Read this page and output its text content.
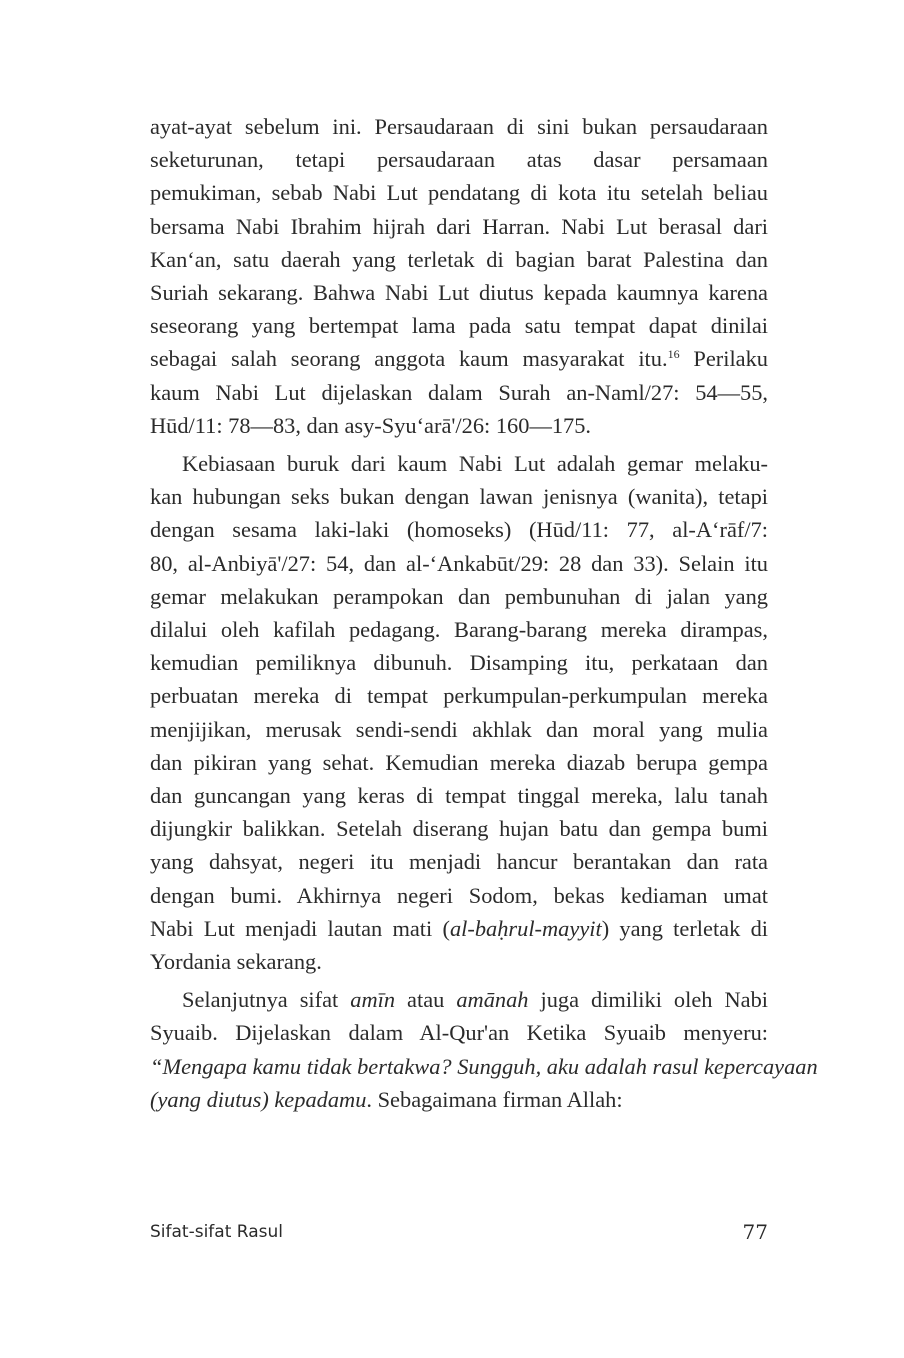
ayat-ayat sebelum ini. Persaudaraan di sini bukan persaudaraan
seketurunan, tetapi persaudaraan atas dasar persamaan
pemukiman, sebab Nabi Lut pendatang di kota itu setelah beliau
bersama Nabi Ibrahim hijrah dari Harran. Nabi Lut berasal dari
Kan‘an, satu daerah yang terletak di bagian barat Palestina dan
Suriah sekarang. Bahwa Nabi Lut diutus kepada kaumnya karena
seseorang yang bertempat lama pada satu tempat dapat dinilai
sebagai salah seorang anggota kaum masyarakat itu.$^{16}$ Perilaku
kaum Nabi Lut dijelaskan dalam Surah an-Naml/27: 54—55,
Hūd/11: 78—83, dan asy-Syu‘arā'/26: 160—175.
Kebiasaan buruk dari kaum Nabi Lut adalah gemar melaku-
kan hubungan seks bukan dengan lawan jenisnya (wanita), tetapi
dengan sesama laki-laki (homoseks) (Hūd/11: 77, al-A‘rāf/7:
80, al-Anbiyā'/27: 54, dan al-‘Ankabūt/29: 28 dan 33). Selain itu
gemar melakukan perampokan dan pembunuhan di jalan yang
dilalui oleh kafilah pedagang. Barang-barang mereka dirampas,
kemudian pemiliknya dibunuh. Disamping itu, perkataan dan
perbuatan mereka di tempat perkumpulan-perkumpulan mereka
menjijikan, merusak sendi-sendi akhlak dan moral yang mulia
dan pikiran yang sehat. Kemudian mereka diazab berupa gempa
dan guncangan yang keras di tempat tinggal mereka, lalu tanah
dijungkir balikkan. Setelah diserang hujan batu dan gempa bumi
yang dahsyat, negeri itu menjadi hancur berantakan dan rata
dengan bumi. Akhirnya negeri Sodom, bekas kediaman umat
Nabi Lut menjadi lautan mati (al-baḥrul-mayyit) yang terletak di
Yordania sekarang.
Selanjutnya sifat amīn atau amānah juga dimiliki oleh Nabi
Syuaib. Dijelaskan dalam Al-Qur'an Ketika Syuaib menyeru:
“Mengapa kamu tidak bertakwa? Sungguh, aku adalah rasul kepercayaan
(yang diutus) kepadamu. Sebagaimana firman Allah:
Sifat-sifat Rasul	77
